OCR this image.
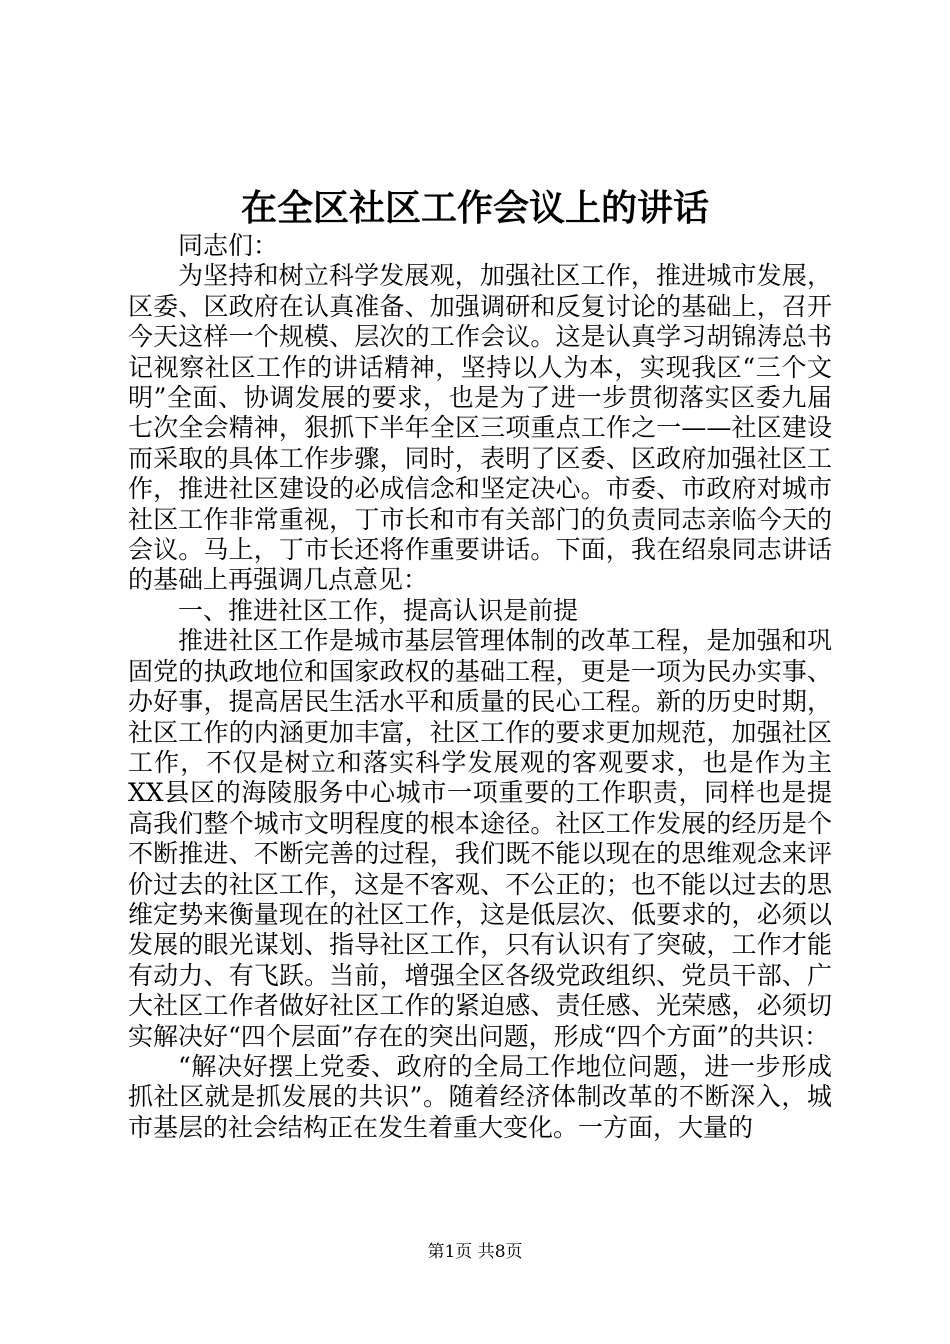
在全区社区工作会议上的讲话

同志们：

为坚持和树立科学发展观，加强社区工作，推进城市发展，区委、区政府在认真准备、加强调研和反复讨论的基础上，召开今天这样一个规模、层次的工作会议。这是认真学习胡锦涛总书记视察社区工作的讲话精神，坚持以人为本，实现我区“三个文明”全面、协调发展的要求，也是为了进一步贯彻落实区委九届七次全会精神，狠抓下半年全区三项重点工作之一——社区建设而采取的具体工作步骤，同时，表明了区委、区政府加强社区工作，推进社区建设的必成信念和坚定决心。市委、市政府对城市社区工作非常重视，丁市长和市有关部门的负责同志亲临今天的会议。马上，丁市长还将作重要讲话。下面，我在绍泉同志讲话的基础上再强调几点意见：

一、推进社区工作，提高认识是前提

推进社区工作是城市基层管理体制的改革工程，是加强和巩固党的执政地位和国家政权的基础工程，更是一项为民办实事、办好事，提高居民生活水平和质量的民心工程。新的历史时期，社区工作的内涵更加丰富，社区工作的要求更加规范，加强社区工作，不仅是树立和落实科学发展观的客观要求，也是作为主XX县区的海陵服务中心城市一项重要的工作职责，同样也是提高我们整个城市文明程度的根本途径。社区工作发展的经历是个不断推进、不断完善的过程，我们既不能以现在的思维观念来评价过去的社区工作，这是不客观、不公正的；也不能以过去的思维定势来衡量现在的社区工作，这是低层次、低要求的，必须以发展的眼光谋划、指导社区工作，只有认识有了突破，工作才能有动力、有飞跃。当前，增强全区各级党政组织、党员干部、广大社区工作者做好社区工作的紧迫感、责任感、光荣感，必须切实解决好“四个层面”存在的突出问题，形成“四个方面”的共识：

“解决好摆上党委、政府的全局工作地位问题，进一步形成抓社区就是抓发展的共识”。随着经济体制改革的不断深入，城市基层的社会结构正在发生着重大变化。一方面，大量的

第1页 共8页
